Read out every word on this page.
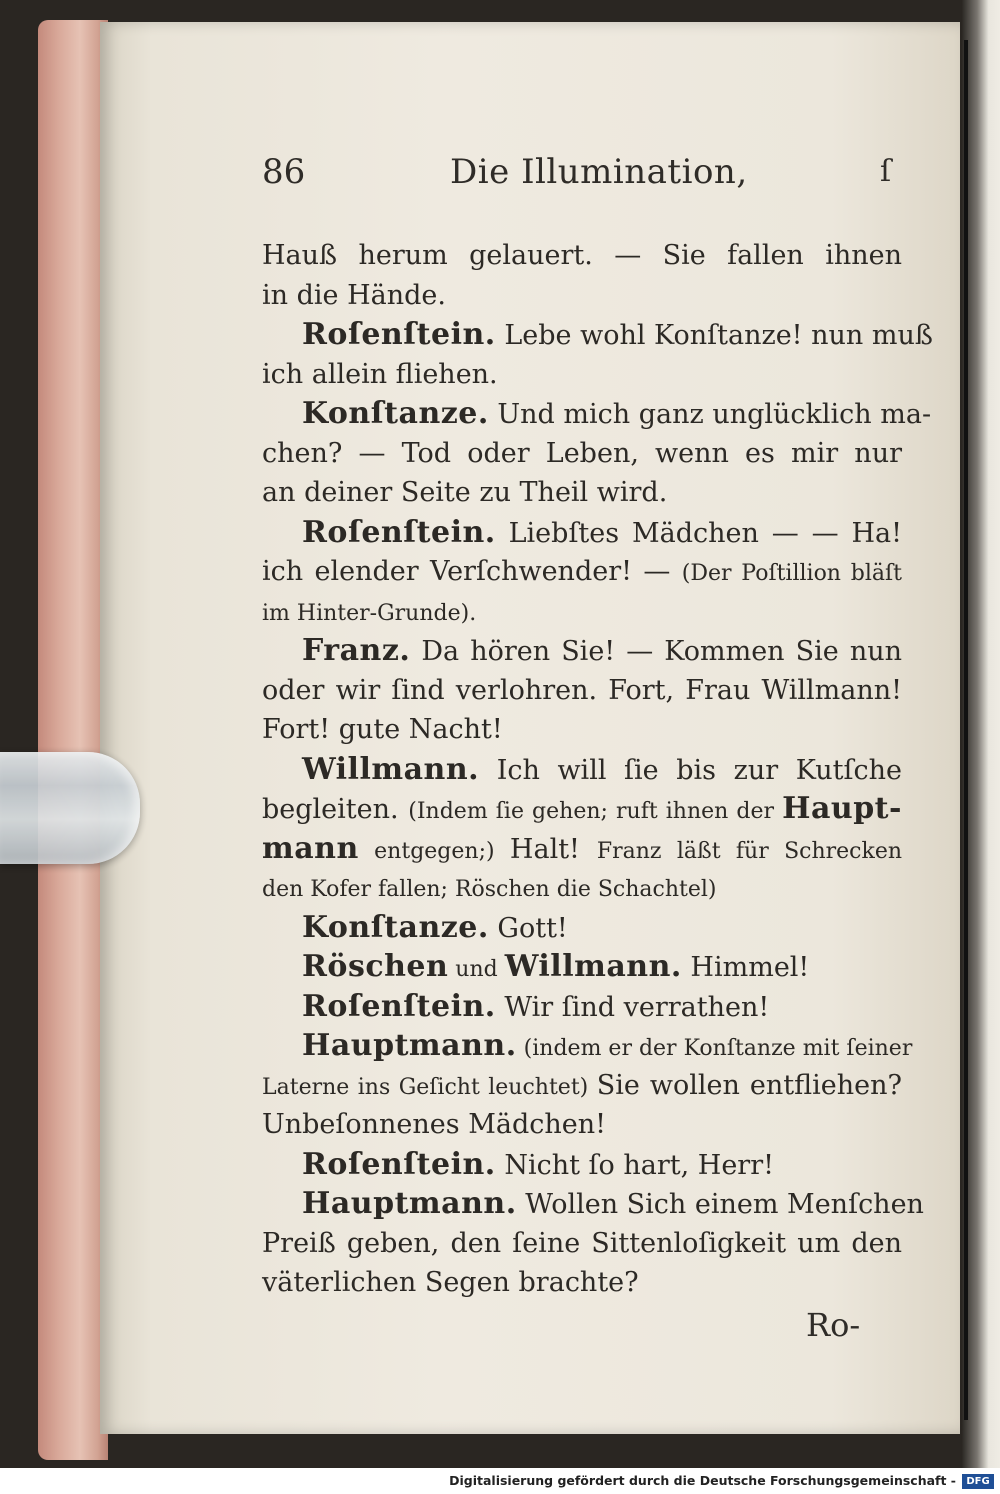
86	Die Illumination,	ſ
Hauß herum gelauert. — Sie fallen ihnen
in die Hände.
Roſenſtein. Lebe wohl Konſtanze! nun muß
ich allein fliehen.
Konſtanze. Und mich ganz unglücklich ma-
chen? — Tod oder Leben, wenn es mir nur
an deiner Seite zu Theil wird.
Roſenſtein. Liebſtes Mädchen — — Ha!
ich elender Verſchwender! — (Der Poſtillion bläſt
im Hinter-Grunde).
Franz. Da hören Sie! — Kommen Sie nun
oder wir ſind verlohren. Fort, Frau Willmann!
Fort! gute Nacht!
Willmann. Ich will ſie bis zur Kutſche
begleiten. (Indem ſie gehen; ruft ihnen der Haupt-
mann entgegen;) Halt! Franz läßt für Schrecken
den Kofer fallen; Röschen die Schachtel)
Konſtanze. Gott!
Röschen und Willmann. Himmel!
Roſenſtein. Wir ſind verrathen!
Hauptmann. (indem er der Konſtanze mit ſeiner
Laterne ins Geſicht leuchtet) Sie wollen entfliehen?
Unbeſonnenes Mädchen!
Roſenſtein. Nicht ſo hart, Herr!
Hauptmann. Wollen Sich einem Menſchen
Preiß geben, den ſeine Sittenloſigkeit um den
väterlichen Segen brachte?
Ro-
Digitalisierung gefördert durch die Deutsche Forschungsgemeinschaft -	DFG
